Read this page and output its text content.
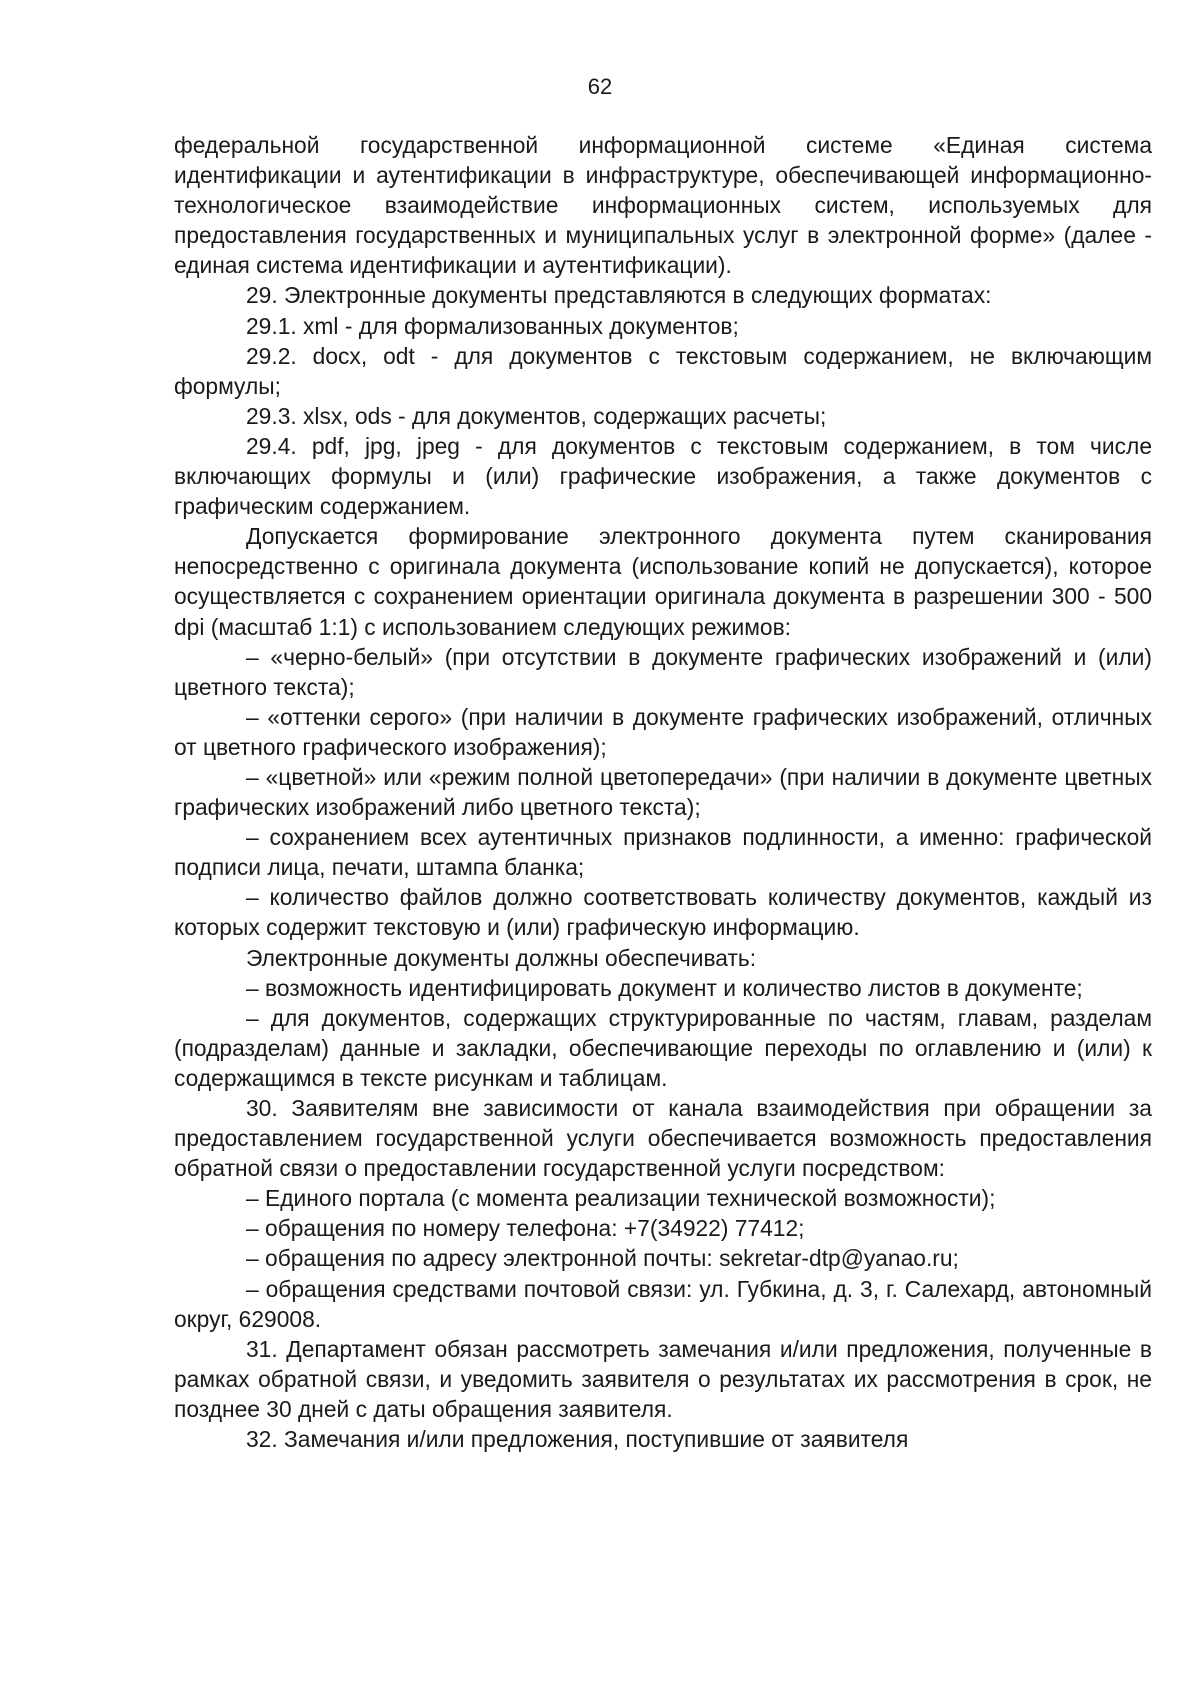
62

федеральной государственной информационной системе «Единая система идентификации и аутентификации в инфраструктуре, обеспечивающей информационно-технологическое взаимодействие информационных систем, используемых для предоставления государственных и муниципальных услуг в электронной форме» (далее - единая система идентификации и аутентификации).

29. Электронные документы представляются в следующих форматах:

29.1. xml - для формализованных документов;

29.2. docx, odt - для документов с текстовым содержанием, не включающим формулы;

29.3. xlsx, ods - для документов, содержащих расчеты;

29.4. pdf, jpg, jpeg - для документов с текстовым содержанием, в том числе включающих формулы и (или) графические изображения, а также документов с графическим содержанием.

Допускается формирование электронного документа путем сканирования непосредственно с оригинала документа (использование копий не допускается), которое осуществляется с сохранением ориентации оригинала документа в разрешении 300 - 500 dpi (масштаб 1:1) с использованием следующих режимов:

– «черно-белый» (при отсутствии в документе графических изображений и (или) цветного текста);

– «оттенки серого» (при наличии в документе графических изображений, отличных от цветного графического изображения);

– «цветной» или «режим полной цветопередачи» (при наличии в документе цветных графических изображений либо цветного текста);

– сохранением всех аутентичных признаков подлинности, а именно: графической подписи лица, печати, штампа бланка;

– количество файлов должно соответствовать количеству документов, каждый из которых содержит текстовую и (или) графическую информацию.

Электронные документы должны обеспечивать:

– возможность идентифицировать документ и количество листов в документе;

– для документов, содержащих структурированные по частям, главам, разделам (подразделам) данные и закладки, обеспечивающие переходы по оглавлению и (или) к содержащимся в тексте рисункам и таблицам.

30. Заявителям вне зависимости от канала взаимодействия при обращении за предоставлением государственной услуги обеспечивается возможность предоставления обратной связи о предоставлении государственной услуги посредством:

– Единого портала (с момента реализации технической возможности);

– обращения по номеру телефона: +7(34922) 77412;

– обращения по адресу электронной почты: sekretar-dtp@yanao.ru;

– обращения средствами почтовой связи: ул. Губкина, д. 3, г. Салехард, автономный округ, 629008.

31. Департамент обязан рассмотреть замечания и/или предложения, полученные в рамках обратной связи, и уведомить заявителя о результатах их рассмотрения в срок, не позднее 30 дней с даты обращения заявителя.

32. Замечания и/или предложения, поступившие от заявителя
